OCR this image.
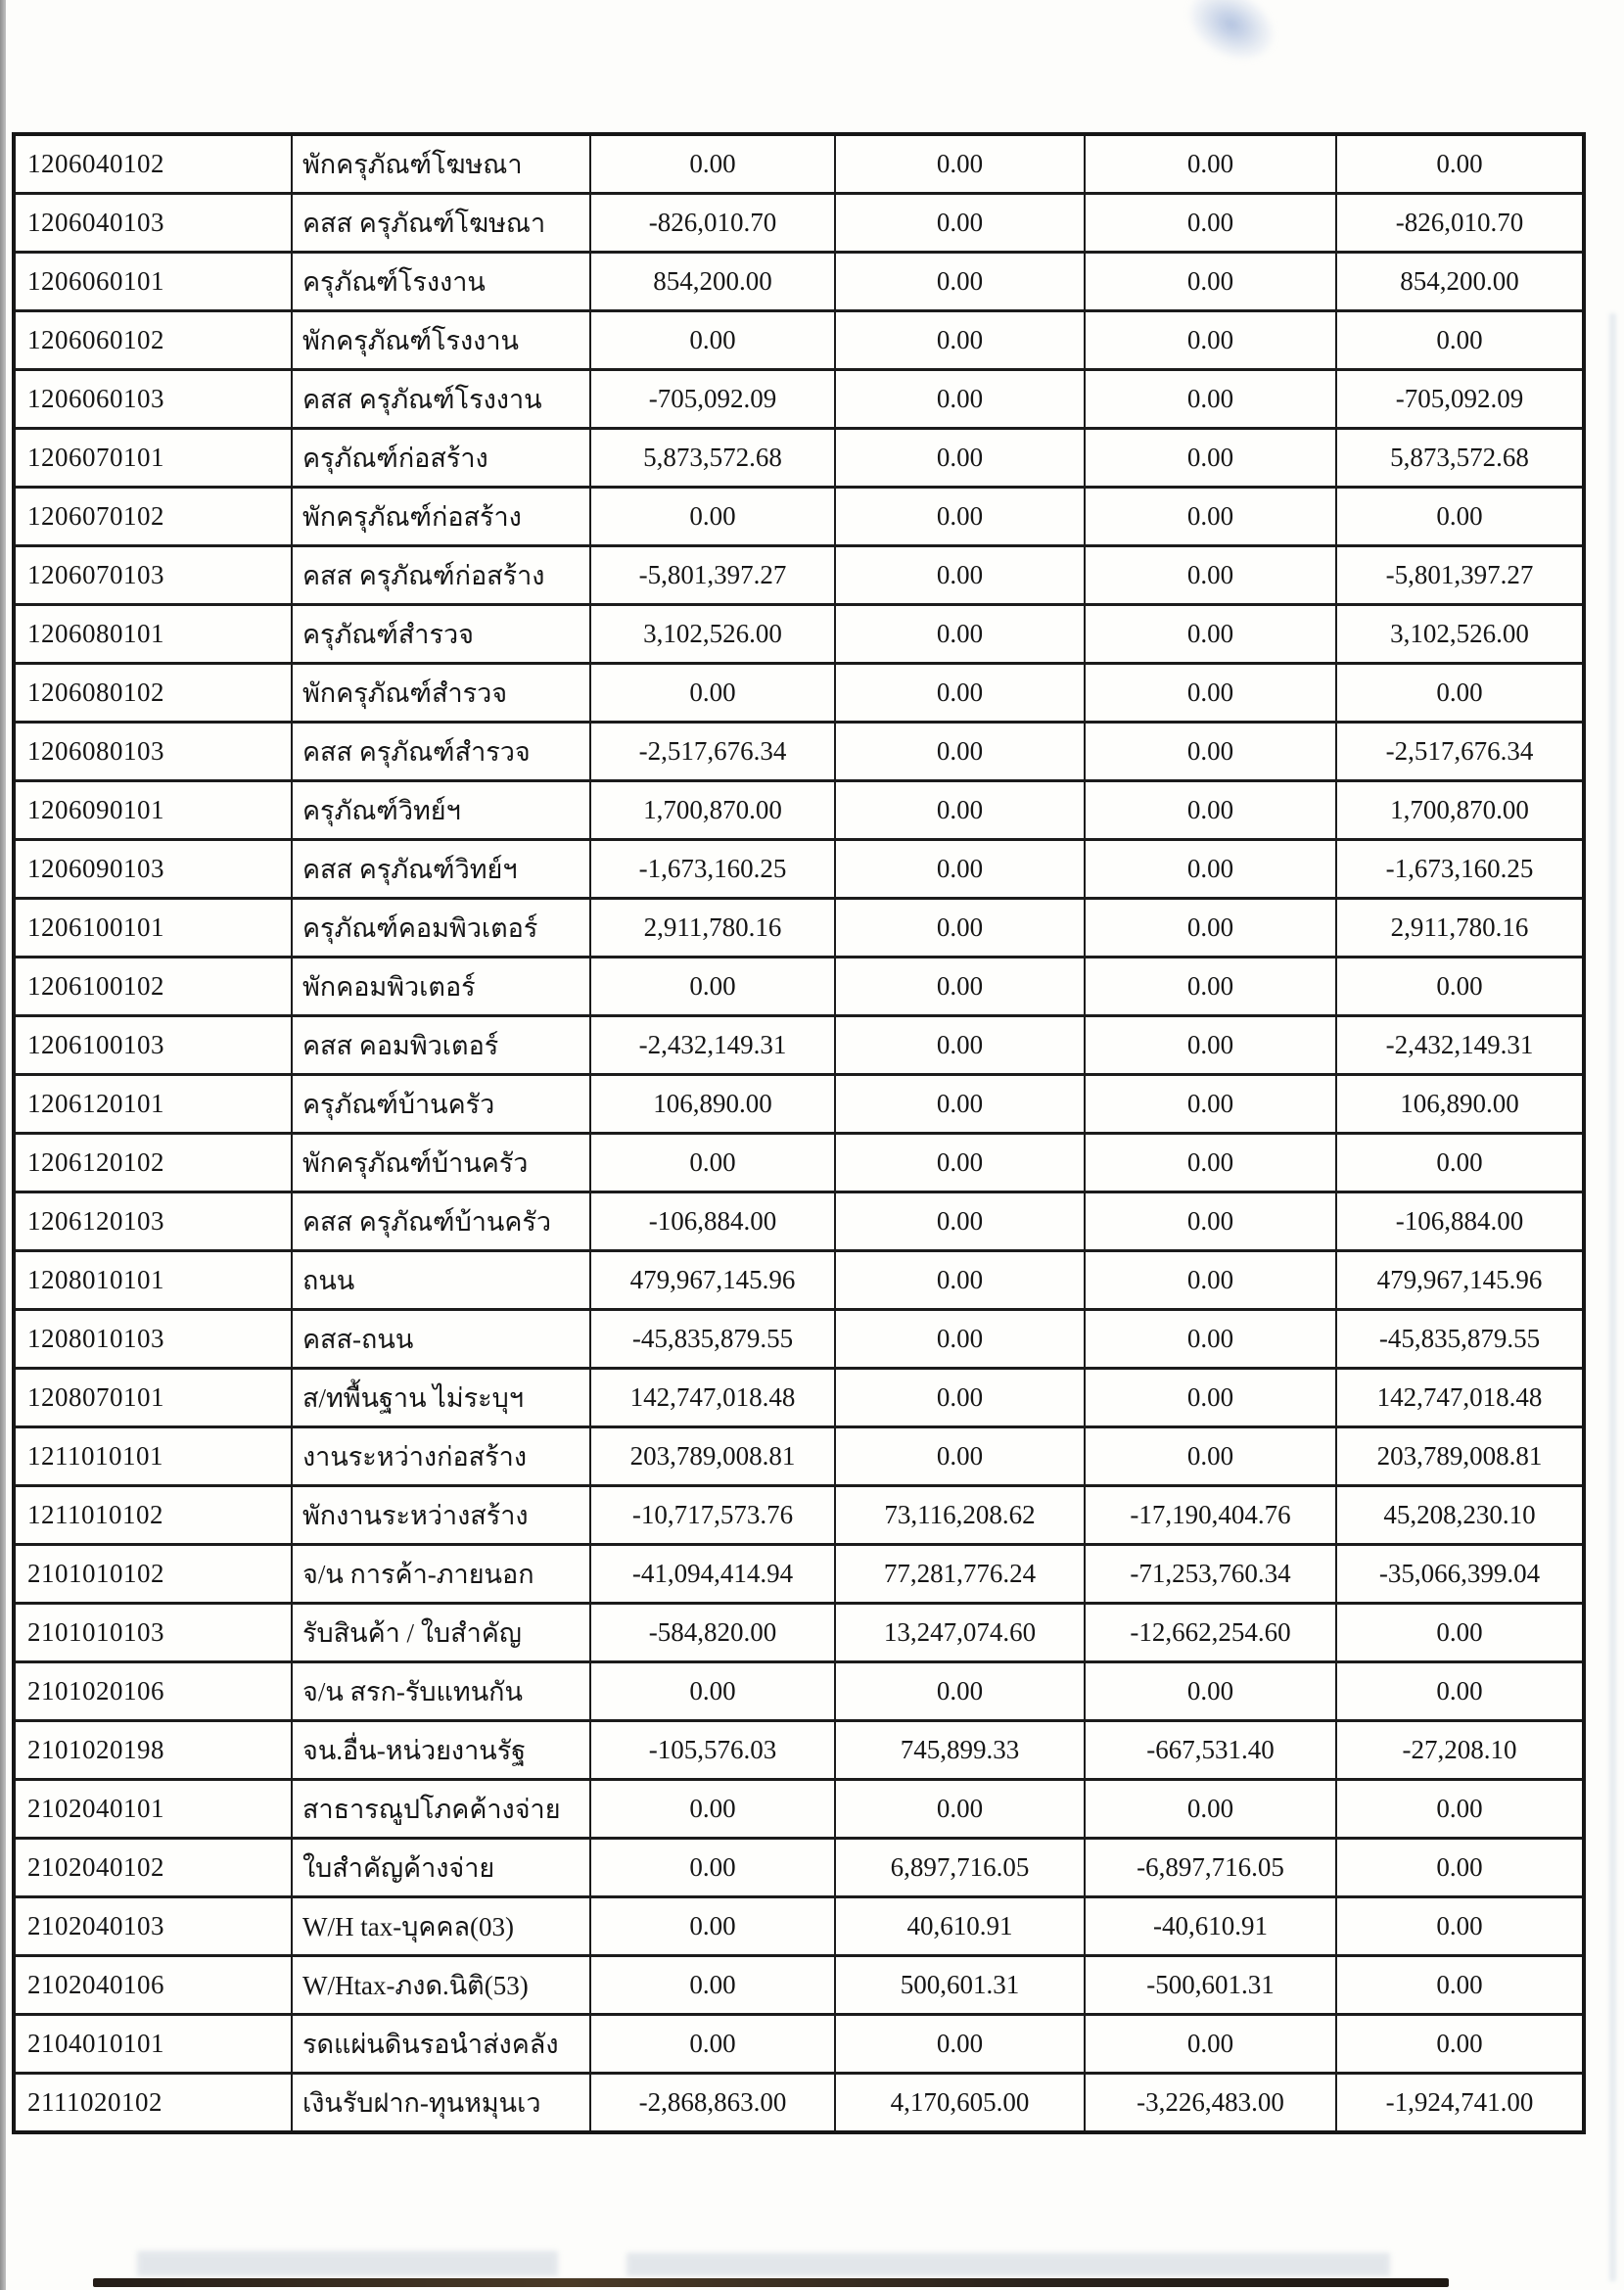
1206040102	พักครุภัณฑ์โฆษณา	0.00	0.00	0.00	0.00
1206040103	คสส ครุภัณฑ์โฆษณา	-826,010.70	0.00	0.00	-826,010.70
1206060101	ครุภัณฑ์โรงงาน	854,200.00	0.00	0.00	854,200.00
1206060102	พักครุภัณฑ์โรงงาน	0.00	0.00	0.00	0.00
1206060103	คสส ครุภัณฑ์โรงงาน	-705,092.09	0.00	0.00	-705,092.09
1206070101	ครุภัณฑ์ก่อสร้าง	5,873,572.68	0.00	0.00	5,873,572.68
1206070102	พักครุภัณฑ์ก่อสร้าง	0.00	0.00	0.00	0.00
1206070103	คสส ครุภัณฑ์ก่อสร้าง	-5,801,397.27	0.00	0.00	-5,801,397.27
1206080101	ครุภัณฑ์สำรวจ	3,102,526.00	0.00	0.00	3,102,526.00
1206080102	พักครุภัณฑ์สำรวจ	0.00	0.00	0.00	0.00
1206080103	คสส ครุภัณฑ์สำรวจ	-2,517,676.34	0.00	0.00	-2,517,676.34
1206090101	ครุภัณฑ์วิทย์ฯ	1,700,870.00	0.00	0.00	1,700,870.00
1206090103	คสส ครุภัณฑ์วิทย์ฯ	-1,673,160.25	0.00	0.00	-1,673,160.25
1206100101	ครุภัณฑ์คอมพิวเตอร์	2,911,780.16	0.00	0.00	2,911,780.16
1206100102	พักคอมพิวเตอร์	0.00	0.00	0.00	0.00
1206100103	คสส คอมพิวเตอร์	-2,432,149.31	0.00	0.00	-2,432,149.31
1206120101	ครุภัณฑ์บ้านครัว	106,890.00	0.00	0.00	106,890.00
1206120102	พักครุภัณฑ์บ้านครัว	0.00	0.00	0.00	0.00
1206120103	คสส ครุภัณฑ์บ้านครัว	-106,884.00	0.00	0.00	-106,884.00
1208010101	ถนน	479,967,145.96	0.00	0.00	479,967,145.96
1208010103	คสส-ถนน	-45,835,879.55	0.00	0.00	-45,835,879.55
1208070101	ส/ทพื้นฐาน ไม่ระบุฯ	142,747,018.48	0.00	0.00	142,747,018.48
1211010101	งานระหว่างก่อสร้าง	203,789,008.81	0.00	0.00	203,789,008.81
1211010102	พักงานระหว่างสร้าง	-10,717,573.76	73,116,208.62	-17,190,404.76	45,208,230.10
2101010102	จ/น การค้า-ภายนอก	-41,094,414.94	77,281,776.24	-71,253,760.34	-35,066,399.04
2101010103	รับสินค้า / ใบสำคัญ	-584,820.00	13,247,074.60	-12,662,254.60	0.00
2101020106	จ/น สรก-รับแทนกัน	0.00	0.00	0.00	0.00
2101020198	จน.อื่น-หน่วยงานรัฐ	-105,576.03	745,899.33	-667,531.40	-27,208.10
2102040101	สาธารณูปโภคค้างจ่าย	0.00	0.00	0.00	0.00
2102040102	ใบสำคัญค้างจ่าย	0.00	6,897,716.05	-6,897,716.05	0.00
2102040103	W/H tax-บุคคล(03)	0.00	40,610.91	-40,610.91	0.00
2102040106	W/Htax-ภงด.นิติ(53)	0.00	500,601.31	-500,601.31	0.00
2104010101	รดแผ่นดินรอนำส่งคลัง	0.00	0.00	0.00	0.00
2111020102	เงินรับฝาก-ทุนหมุนเว	-2,868,863.00	4,170,605.00	-3,226,483.00	-1,924,741.00
